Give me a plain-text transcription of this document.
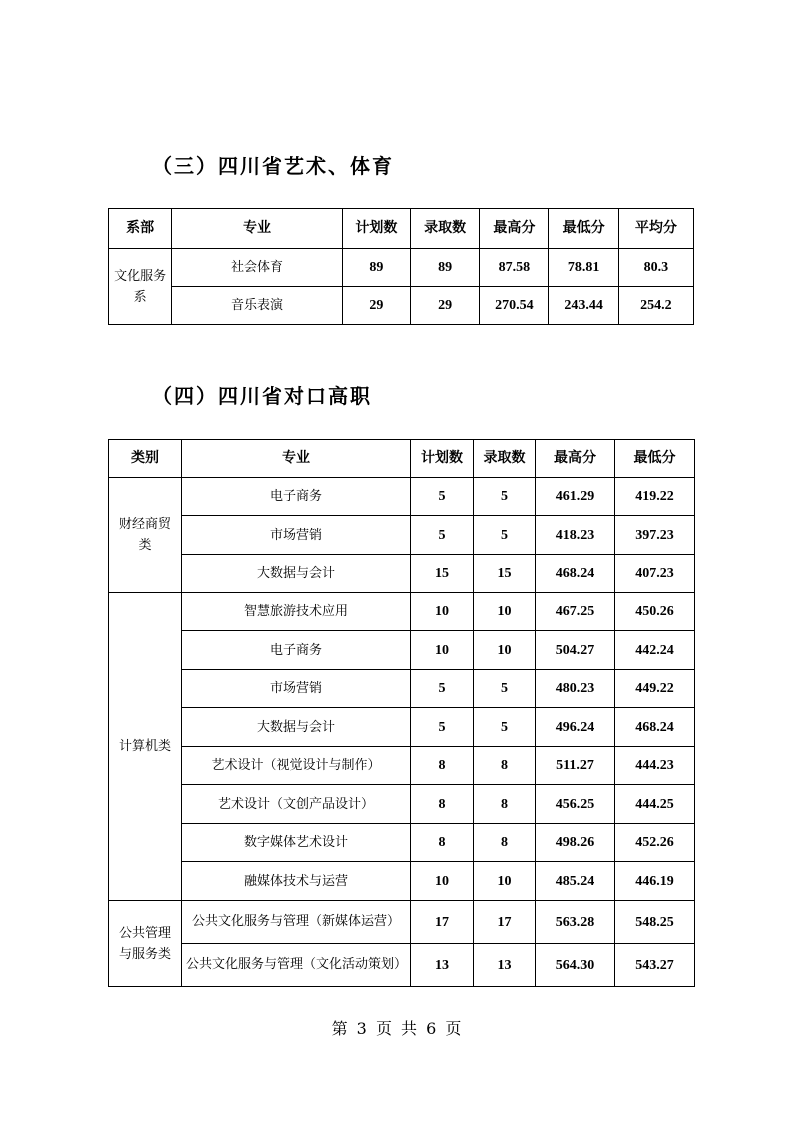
（三）四川省艺术、体育
系部	专业	计划数	录取数	最高分	最低分	平均分
文化服务系	社会体育	89	89	87.58	78.81	80.3
	音乐表演	29	29	270.54	243.44	254.2
（四）四川省对口高职
类别	专业	计划数	录取数	最高分	最低分
财经商贸类	电子商务	5	5	461.29	419.22
	市场营销	5	5	418.23	397.23
	大数据与会计	15	15	468.24	407.23
计算机类	智慧旅游技术应用	10	10	467.25	450.26
	电子商务	10	10	504.27	442.24
	市场营销	5	5	480.23	449.22
	大数据与会计	5	5	496.24	468.24
	艺术设计（视觉设计与制作）	8	8	511.27	444.23
	艺术设计（文创产品设计）	8	8	456.25	444.25
	数字媒体艺术设计	8	8	498.26	452.26
	融媒体技术与运营	10	10	485.24	446.19
公共管理与服务类	公共文化服务与管理（新媒体运营）	17	17	563.28	548.25
	公共文化服务与管理（文化活动策划）	13	13	564.30	543.27
第 3 页 共 6 页
